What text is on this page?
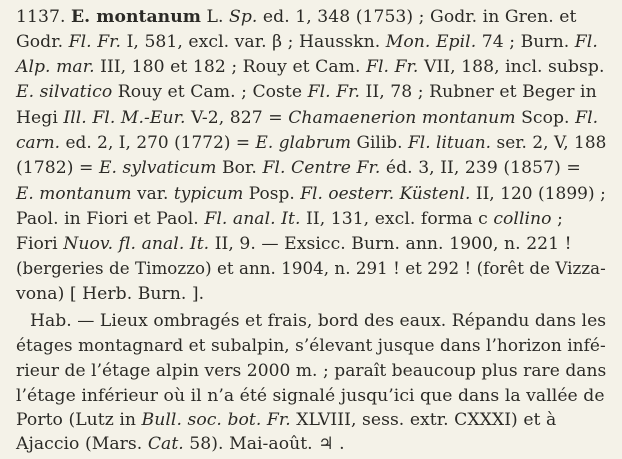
1137. E. montanum L. Sp. ed. 1, 348 (1753) ; Godr. in Gren. et
Godr. Fl. Fr. I, 581, excl. var. β ; Hausskn. Mon. Epil. 74 ; Burn. Fl.
Alp. mar. III, 180 et 182 ; Rouy et Cam. Fl. Fr. VII, 188, incl. subsp.
E. silvatico Rouy et Cam. ; Coste Fl. Fr. II, 78 ; Rubner et Beger in
Hegi Ill. Fl. M.-Eur. V-2, 827 = Chamaenerion montanum Scop. Fl.
carn. ed. 2, I, 270 (1772) = E. glabrum Gilib. Fl. lituan. ser. 2, V, 188
(1782) = E. sylvaticum Bor. Fl. Centre Fr. éd. 3, II, 239 (1857) =
E. montanum var. typicum Posp. Fl. oesterr. Küstenl. II, 120 (1899) ;
Paol. in Fiori et Paol. Fl. anal. It. II, 131, excl. forma c collino ;
Fiori Nuov. fl. anal. It. II, 9. — Exsicc. Burn. ann. 1900, n. 221 !
(bergeries de Timozzo) et ann. 1904, n. 291 ! et 292 ! (forêt de Vizza-
vona) [ Herb. Burn. ].
Hab. — Lieux ombragés et frais, bord des eaux. Répandu dans les
étages montagnard et subalpin, s’élevant jusque dans l’horizon infé-
rieur de l’étage alpin vers 2000 m. ; paraît beaucoup plus rare dans
l’étage inférieur où il n’a été signalé jusqu’ici que dans la vallée de
Porto (Lutz in Bull. soc. bot. Fr. XLVIII, sess. extr. CXXXI) et à
Ajaccio (Mars. Cat. 58). Mai-août. ♃ .
